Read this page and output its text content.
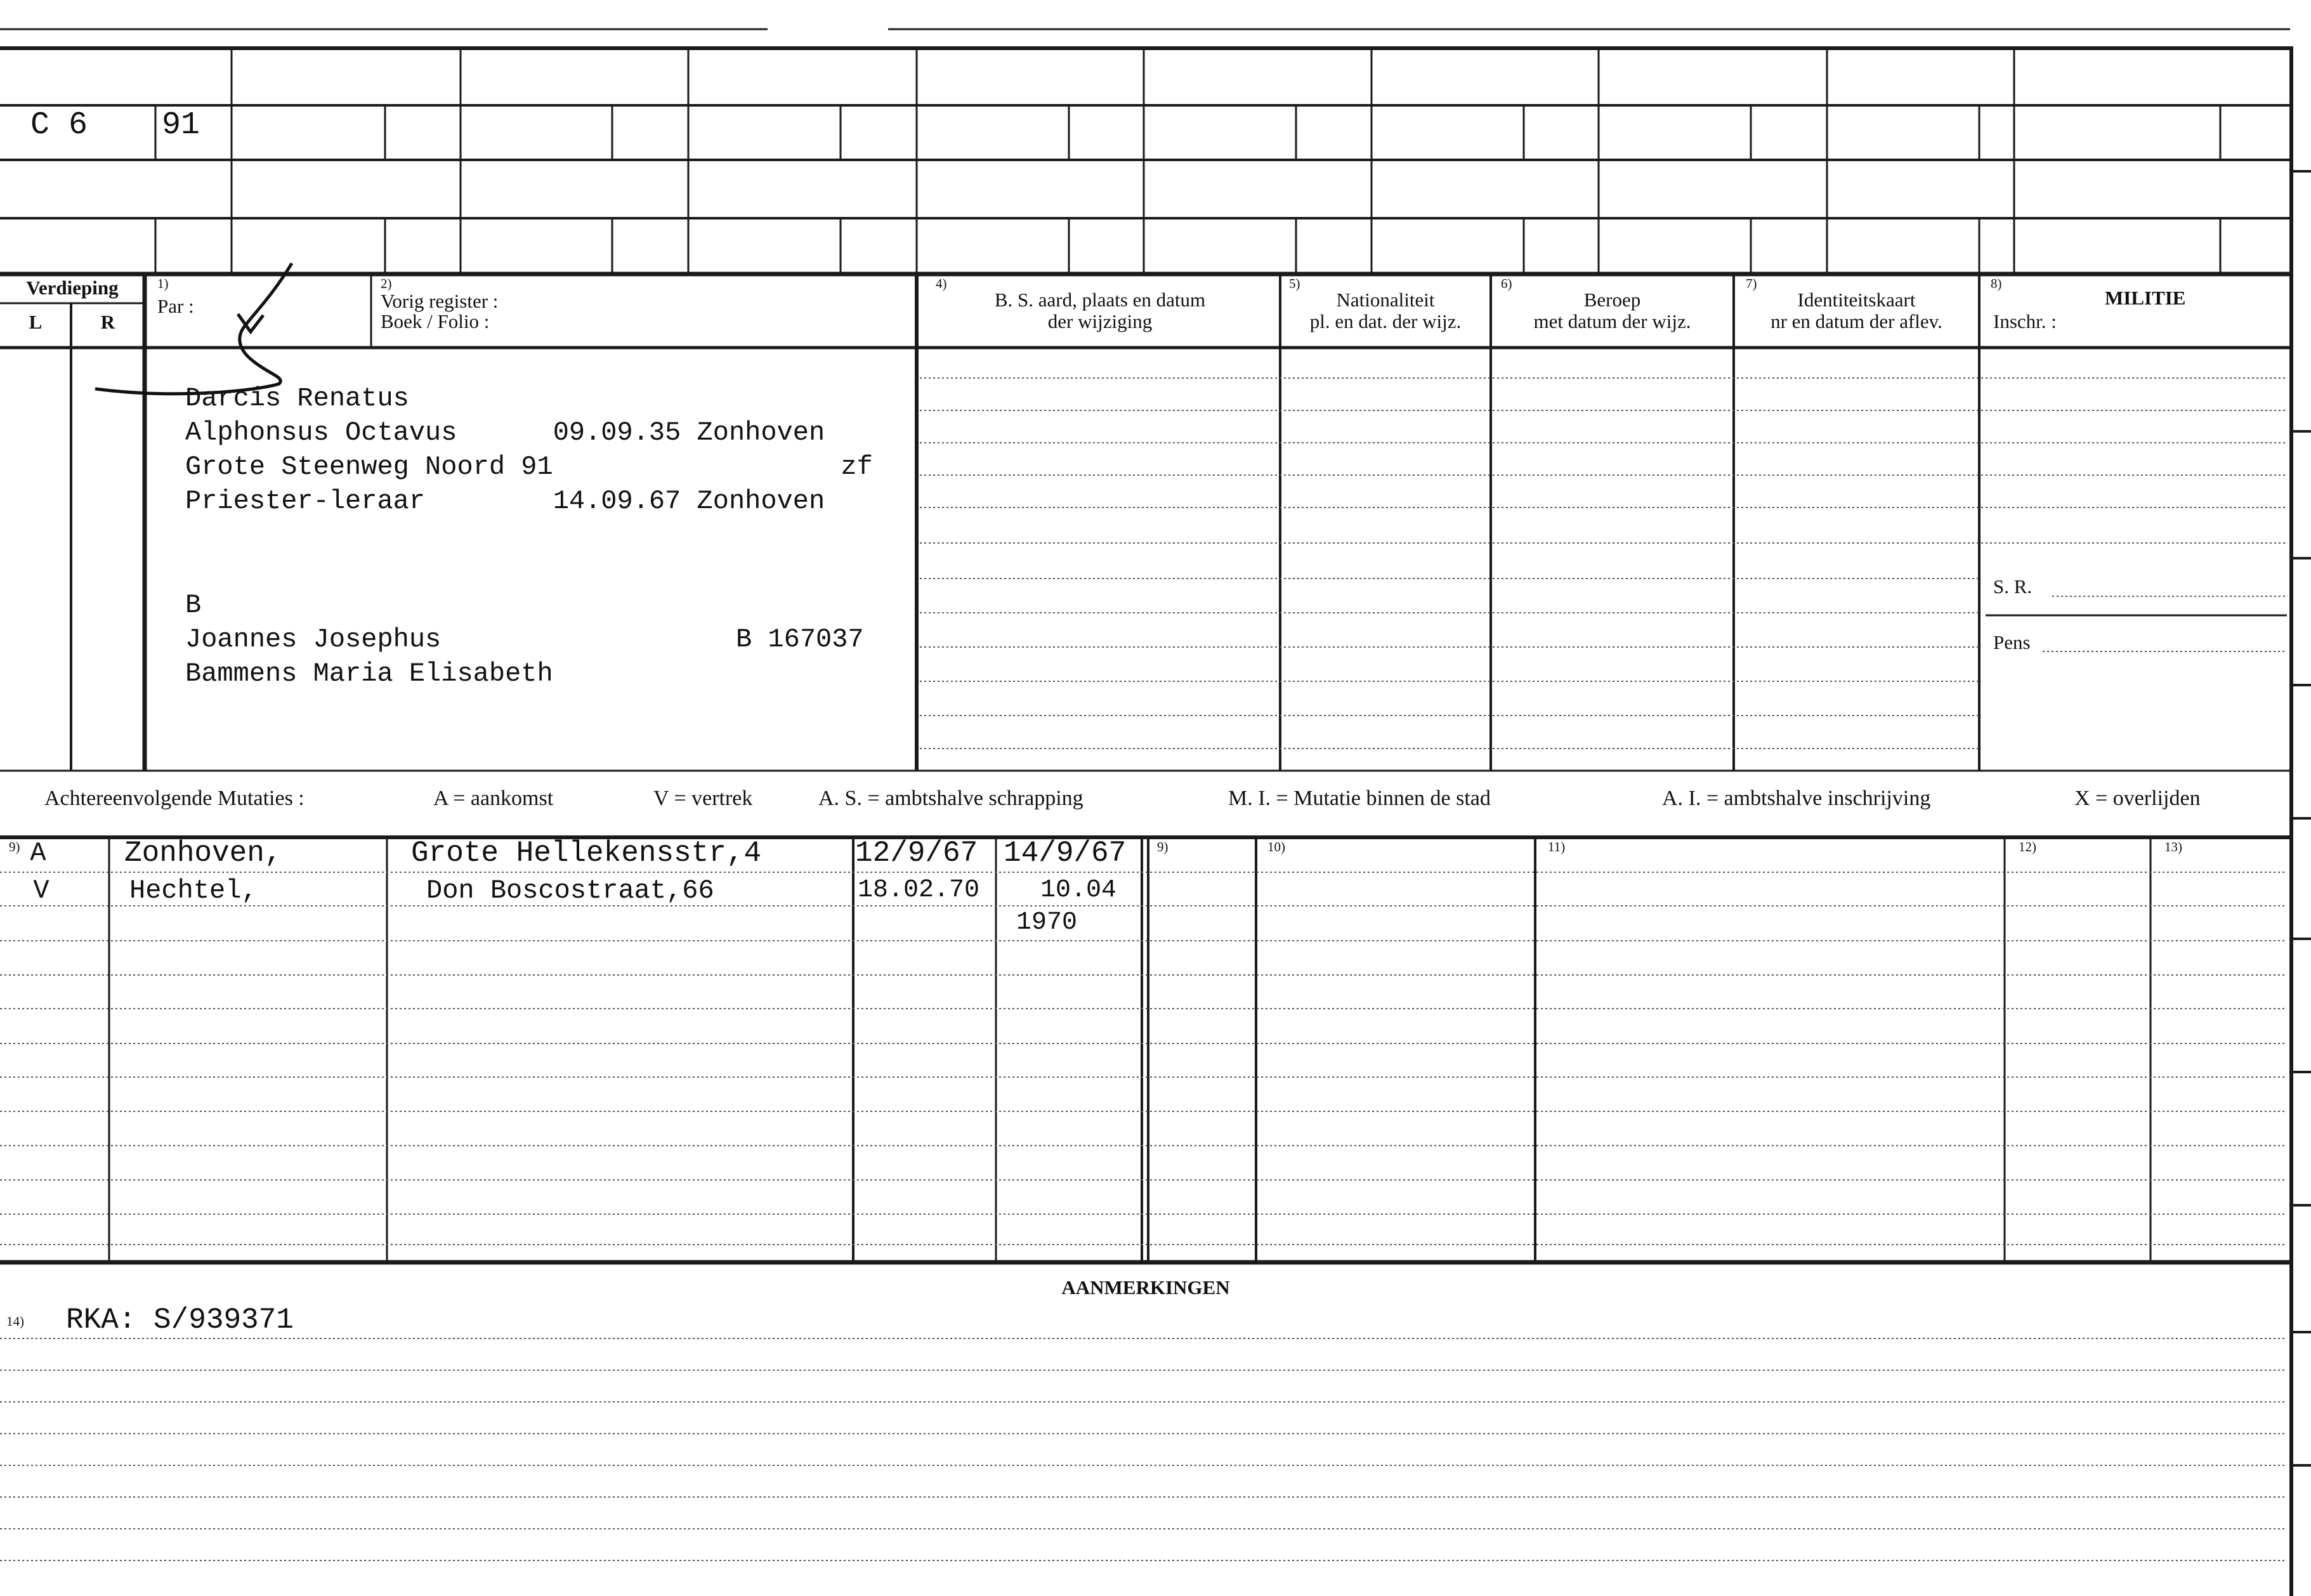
C 6 91
Verdieping
L	R
1)
Par :
2)
Vorig register :
Boek / Folio :
4)
B. S. aard, plaats en datum
der wijziging
5)
Nationaliteit
pl. en dat. der wijz.
6)
Beroep
met datum der wijz.
7)
Identiteitskaart
nr en datum der aflev.
8)
MILITIE
Inschr. :
S. R.
Pens
Darcis Renatus
Alphonsus Octavus      09.09.35 Zonhoven
Grote Steenweg Noord 91                  zf
Priester-leraar        14.09.67 Zonhoven
B
Joannes Josephus	B 167037
Bammens Maria Elisabeth
Achtereenvolgende Mutaties :	A = aankomst	V = vertrek	A. S. = ambtshalve schrapping	M. I. = Mutatie binnen de stad	A. I. = ambtshalve inschrijving	X = overlijden
9)	9)	10)	11)	12)	13)
A	Zonhoven,	Grote Hellekensstr,4	12/9/67 14/9/67
V	Hechtel,	Don Boscostraat,66	18.02.70 10.04
1970
AANMERKINGEN
14) RKA: S/939371
